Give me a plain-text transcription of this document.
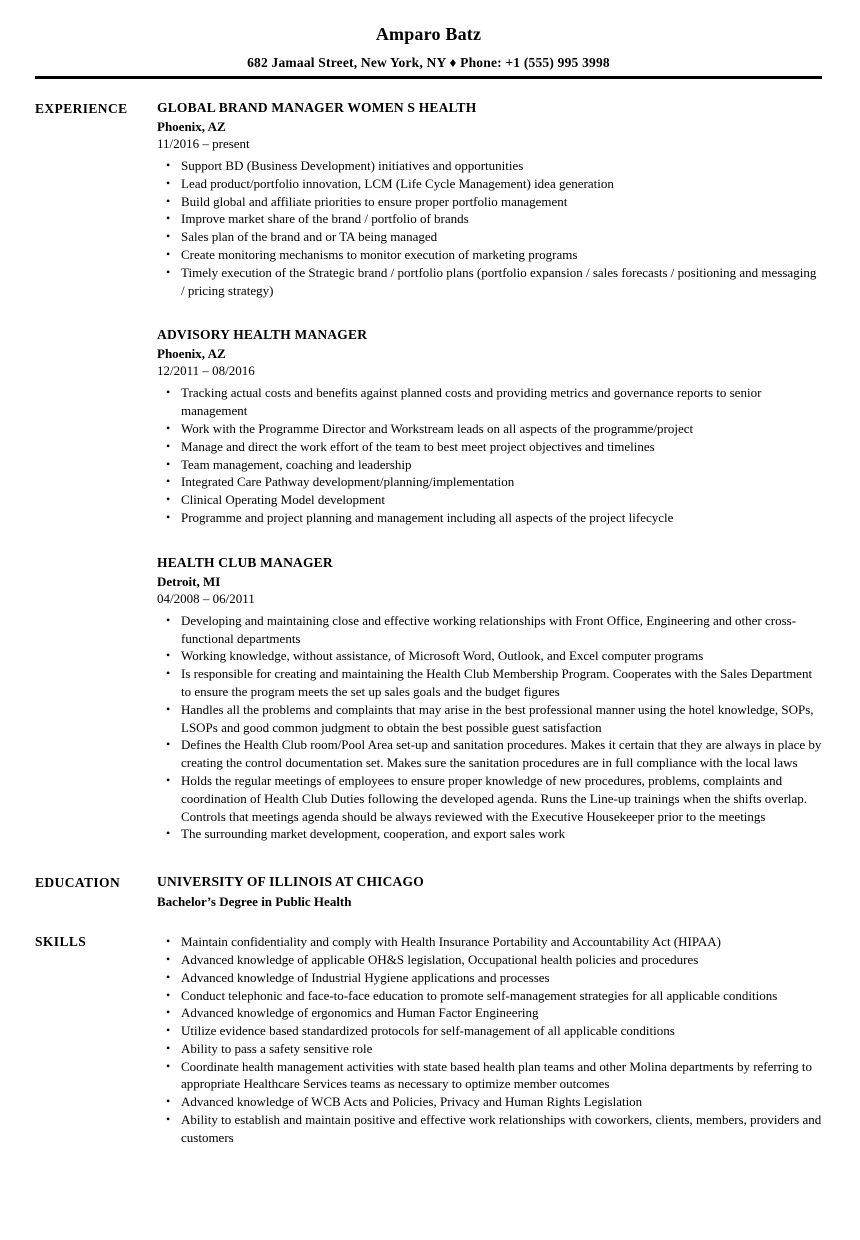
Amparo Batz
682 Jamaal Street, New York, NY ♦ Phone: +1 (555) 995 3998
EXPERIENCE	GLOBAL BRAND MANAGER WOMEN S HEALTH
Phoenix, AZ
11/2016 – present
• Support BD (Business Development) initiatives and opportunities
• Lead product/portfolio innovation, LCM (Life Cycle Management) idea generation
• Build global and affiliate priorities to ensure proper portfolio management
• Improve market share of the brand / portfolio of brands
• Sales plan of the brand and or TA being managed
• Create monitoring mechanisms to monitor execution of marketing programs
• Timely execution of the Strategic brand / portfolio plans (portfolio expansion / sales forecasts / positioning and messaging / pricing strategy)
ADVISORY HEALTH MANAGER
Phoenix, AZ
12/2011 – 08/2016
• Tracking actual costs and benefits against planned costs and providing metrics and governance reports to senior management
• Work with the Programme Director and Workstream leads on all aspects of the programme/project
• Manage and direct the work effort of the team to best meet project objectives and timelines
• Team management, coaching and leadership
• Integrated Care Pathway development/planning/implementation
• Clinical Operating Model development
• Programme and project planning and management including all aspects of the project lifecycle
HEALTH CLUB MANAGER
Detroit, MI
04/2008 – 06/2011
• Developing and maintaining close and effective working relationships with Front Office, Engineering and other cross-functional departments
• Working knowledge, without assistance, of Microsoft Word, Outlook, and Excel computer programs
• Is responsible for creating and maintaining the Health Club Membership Program. Cooperates with the Sales Department to ensure the program meets the set up sales goals and the budget figures
• Handles all the problems and complaints that may arise in the best professional manner using the hotel knowledge, SOPs, LSOPs and good common judgment to obtain the best possible guest satisfaction
• Defines the Health Club room/Pool Area set-up and sanitation procedures. Makes it certain that they are always in place by creating the control documentation set. Makes sure the sanitation procedures are in full compliance with the local laws
• Holds the regular meetings of employees to ensure proper knowledge of new procedures, problems, complaints and coordination of Health Club Duties following the developed agenda. Runs the Line-up trainings when the shifts overlap. Controls that meetings agenda should be always reviewed with the Executive Housekeeper prior to the meetings
• The surrounding market development, cooperation, and export sales work
EDUCATION	UNIVERSITY OF ILLINOIS AT CHICAGO
Bachelor’s Degree in Public Health
SKILLS	• Maintain confidentiality and comply with Health Insurance Portability and Accountability Act (HIPAA)
• Advanced knowledge of applicable OH&S legislation, Occupational health policies and procedures
• Advanced knowledge of Industrial Hygiene applications and processes
• Conduct telephonic and face-to-face education to promote self-management strategies for all applicable conditions
• Advanced knowledge of ergonomics and Human Factor Engineering
• Utilize evidence based standardized protocols for self-management of all applicable conditions
• Ability to pass a safety sensitive role
• Coordinate health management activities with state based health plan teams and other Molina departments by referring to appropriate Healthcare Services teams as necessary to optimize member outcomes
• Advanced knowledge of WCB Acts and Policies, Privacy and Human Rights Legislation
• Ability to establish and maintain positive and effective work relationships with coworkers, clients, members, providers and customers
